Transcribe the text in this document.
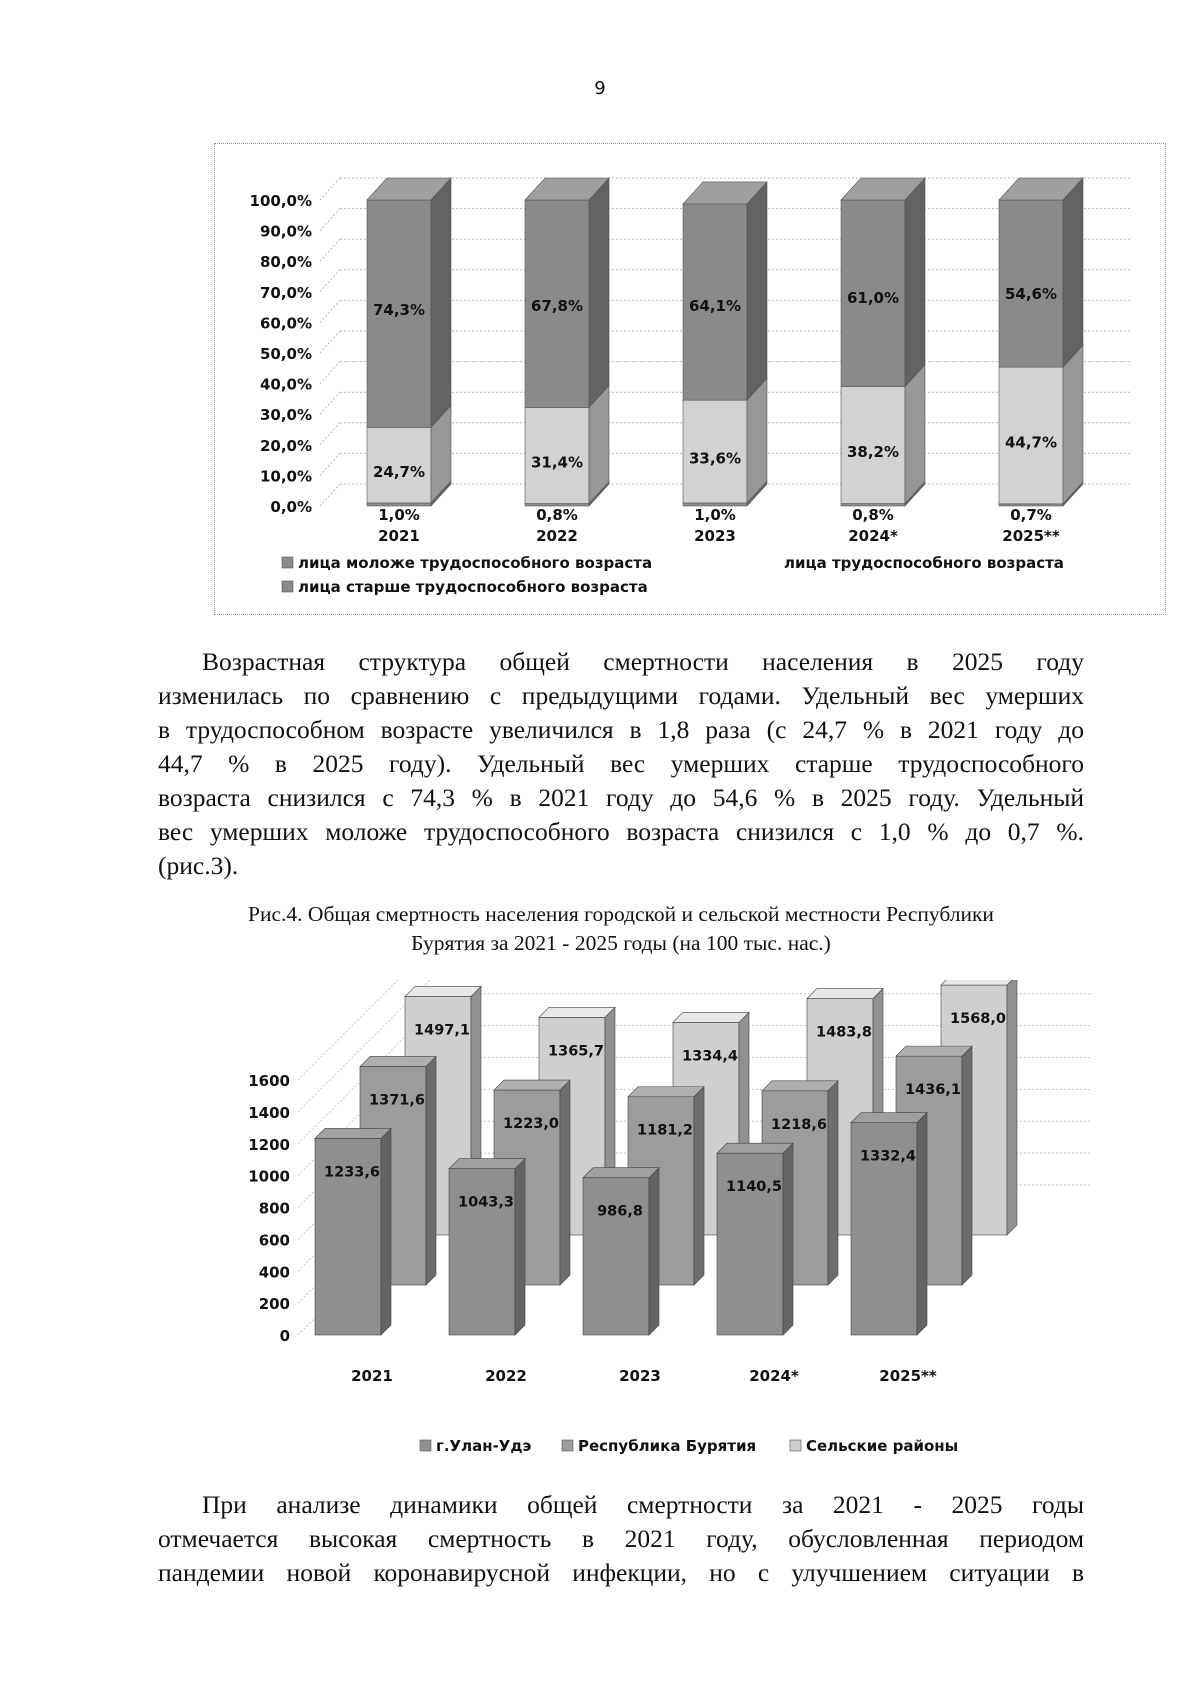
9
0,0%
10,0%
20,0%
30,0%
40,0%
50,0%
60,0%
70,0%
80,0%
90,0%
100,0%
1,0%
24,7%
74,3%
2021
0,8%
31,4%
67,8%
2022
1,0%
33,6%
64,1%
2023
0,8%
38,2%
61,0%
2024*
0,7%
44,7%
54,6%
2025**
лица моложе трудоспособного возраста	лица трудоспособного возраста
лица старше трудоспособного возраста
Возрастная структура общей смертности населения в 2025 году
изменилась по сравнению с предыдущими годами. Удельный вес умерших
в трудоспособном возрасте увеличился в 1,8 раза (с 24,7 % в 2021 году до
44,7 % в 2025 году). Удельный вес умерших старше трудоспособного
возраста снизился с 74,3 % в 2021 году до 54,6 % в 2025 году. Удельный
вес умерших моложе трудоспособного возраста снизился с 1,0 % до 0,7 %.
(рис.3).
Рис.4. Общая смертность населения городской и сельской местности Республики
Бурятия за 2021 - 2025 годы (на 100 тыс. нас.)
0
200
400
600
800
1000
1200
1400
1600
1497,1
1365,7	1334,4
1483,8
1568,0
1371,6
1223,0	1181,2	1218,6
1436,1
1233,6
1043,3
986,8
1140,5
1332,4
2021	2022	2023	2024*	2025**
г.Улан-Удэ	Республика Бурятия	Сельские районы
При анализе динамики общей смертности за 2021 - 2025 годы
отмечается высокая смертность в 2021 году, обусловленная периодом
пандемии новой коронавирусной инфекции, но с улучшением ситуации в
